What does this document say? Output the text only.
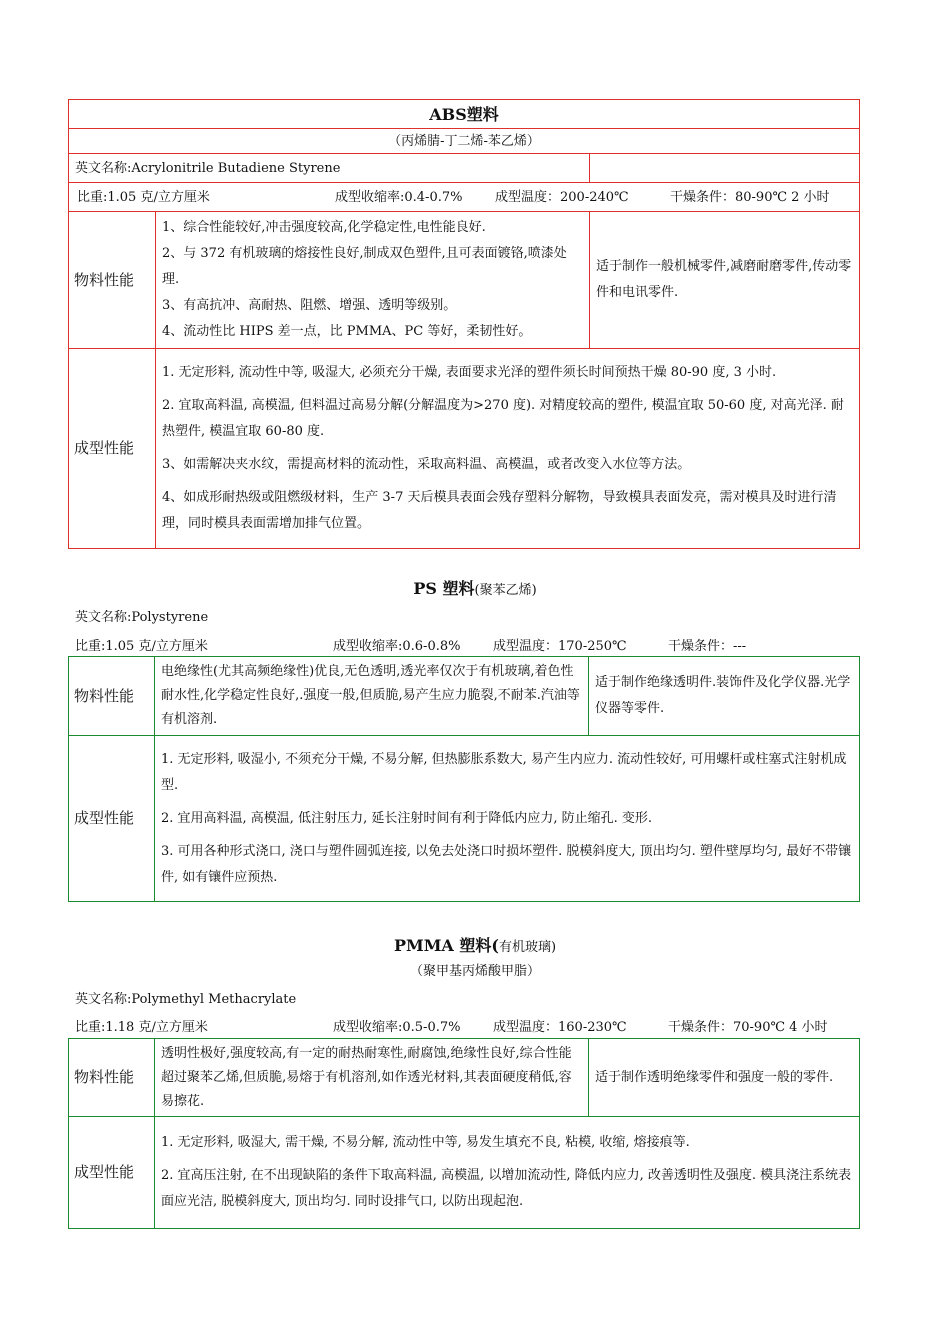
ABS塑料		
（丙烯腈-丁二烯-苯乙烯）		
英文名称:Acrylonitrile Butadiene Styrene		

比重:1.05 克/立方厘米 成型收缩率:0.4-0.7% 成型温度：200-240℃ 干燥条件：80-90℃ 2 小时		

物料性能	1、综合性能较好,冲击强度较高,化学稳定性,电性能良好.

2、与 372 有机玻璃的熔接性良好,制成双色塑件,且可表面镀铬,喷漆处理.

3、有高抗冲、高耐热、阻燃、增强、透明等级别。

4、流动性比 HIPS 差一点，比 PMMA、PC 等好，柔韧性好。	适于制作一般机械零件,减磨耐磨零件,传动零件和电讯零件.
成型性能	1. 无定形料, 流动性中等, 吸湿大, 必须充分干燥, 表面要求光泽的塑件须长时间预热干燥 80-90 度, 3 小时.

2. 宜取高料温, 高模温, 但料温过高易分解(分解温度为>270 度). 对精度较高的塑件, 模温宜取 50-60 度, 对高光泽. 耐热塑件, 模温宜取 60-80 度.

3、如需解决夹水纹，需提高材料的流动性，采取高料温、高模温，或者改变入水位等方法。

4、如成形耐热级或阻燃级材料，生产 3-7 天后模具表面会残存塑料分解物，导致模具表面发亮，需对模具及时进行清理，同时模具表面需增加排气位置。	

PS 塑料(聚苯乙烯)
英文名称:Polystyrene
比重:1.05 克/立方厘米	成型收缩率:0.6-0.8%	成型温度：170-250℃	干燥条件：---
物料性能	电绝缘性(尤其高频绝缘性)优良,无色透明,透光率仅次于有机玻璃,着色性耐水性,化学稳定性良好,.强度一般,但质脆,易产生应力脆裂,不耐苯.汽油等有机溶剂.	适于制作绝缘透明件.装饰件及化学仪器.光学仪器等零件.
成型性能	1. 无定形料, 吸湿小, 不须充分干燥, 不易分解, 但热膨胀系数大, 易产生内应力. 流动性较好, 可用螺杆或柱塞式注射机成型.

2. 宜用高料温, 高模温, 低注射压力, 延长注射时间有利于降低内应力, 防止缩孔. 变形.

3. 可用各种形式浇口, 浇口与塑件圆弧连接, 以免去处浇口时损坏塑件. 脱模斜度大, 顶出均匀. 塑件壁厚均匀, 最好不带镶件, 如有镶件应预热.	

PMMA 塑料(有机玻璃)
（聚甲基丙烯酸甲脂）
英文名称:Polymethyl Methacrylate
比重:1.18 克/立方厘米	成型收缩率:0.5-0.7%	成型温度：160-230℃	干燥条件：70-90℃ 4 小时
物料性能	透明性极好,强度较高,有一定的耐热耐寒性,耐腐蚀,绝缘性良好,综合性能超过聚苯乙烯,但质脆,易熔于有机溶剂,如作透光材料,其表面硬度稍低,容易擦花.	适于制作透明绝缘零件和强度一般的零件.
成型性能	1. 无定形料, 吸湿大, 需干燥, 不易分解, 流动性中等, 易发生填充不良, 粘模, 收缩, 熔接痕等.

2. 宜高压注射, 在不出现缺陷的条件下取高料温, 高模温, 以增加流动性, 降低内应力, 改善透明性及强度. 模具浇注系统表面应光洁, 脱模斜度大, 顶出均匀. 同时设排气口, 以防出现起泡.	
